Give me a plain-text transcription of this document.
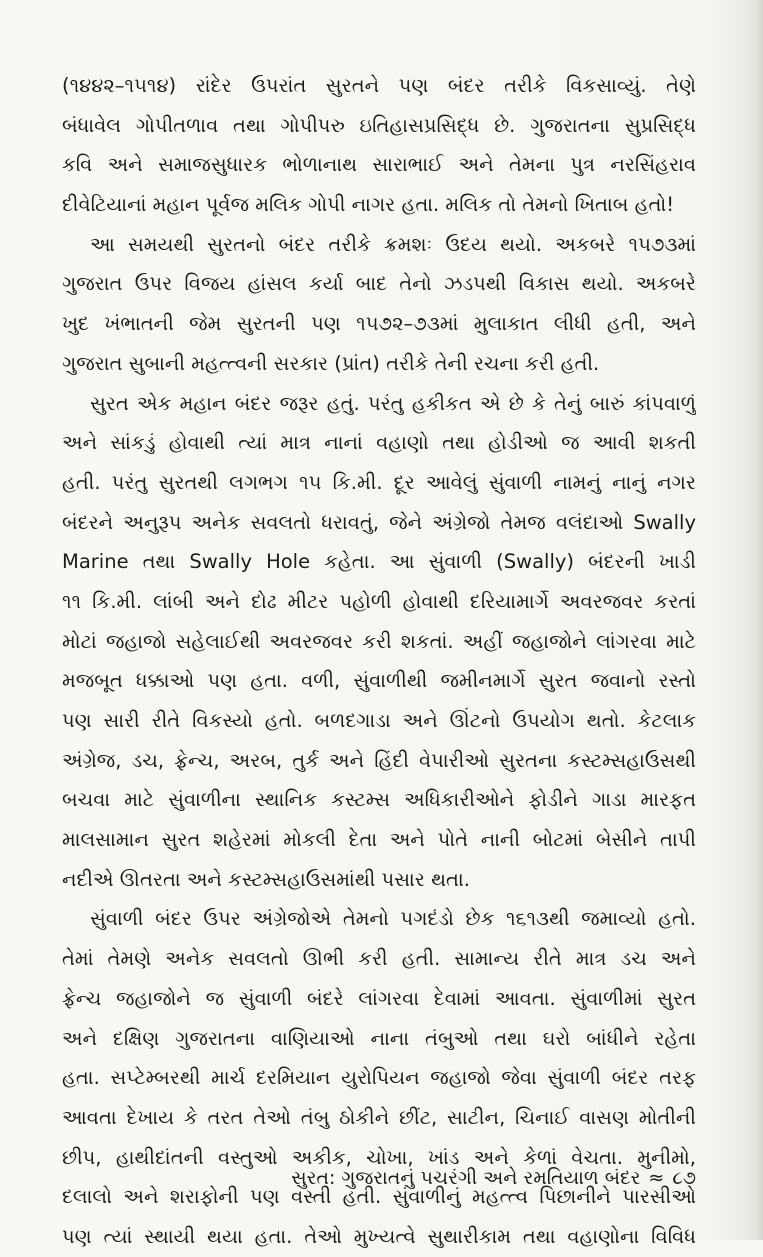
(૧૪૪૨–૧૫૧૪) રાંદેર ઉપરાંત સુરતને પણ બંદર તરીકે વિકસાવ્યું. તેણે
બંધાવેલ ગોપીતળાવ તથા ગોપીપરુ ઇતિહાસપ્રસિદ્ધ છે. ગુજરાતના સુપ્રસિદ્ધ
કવિ અને સમાજસુધારક ભોળાનાથ સારાભાઈ અને તેમના પુત્ર નરસિંહરાવ
દીવેટિયાનાં મહાન પૂર્વજ મલિક ગોપી નાગર હતા. મલિક તો તેમનો ખિતાબ હતો!
આ સમયથી સુરતનો બંદર તરીકે ક્રમશઃ ઉદય થયો. અકબરે ૧૫૭૩માં
ગુજરાત ઉપર વિજય હાંસલ કર્યા બાદ તેનો ઝડપથી વિકાસ થયો. અકબરે
ખુદ ખંભાતની જેમ સુરતની પણ ૧૫૭૨–૭૩માં મુલાકાત લીધી હતી, અને
ગુજરાત સુબાની મહત્ત્વની સરકાર (પ્રાંત) તરીકે તેની રચના કરી હતી.
સુરત એક મહાન બંદર જરૂર હતું. પરંતુ હકીકત એ છે કે તેનું બારું કાંપવાળું
અને સાંકડું હોવાથી ત્યાં માત્ર નાનાં વહાણો તથા હોડીઓ જ આવી શકતી
હતી. પરંતુ સુરતથી લગભગ ૧૫ કિ.મી. દૂર આવેલું સુંવાળી નામનું નાનું નગર
બંદરને અનુરૂપ અનેક સવલતો ધરાવતું, જેને અંગ્રેજો તેમજ વલંદાઓ Swally
Marine તથા Swally Hole કહેતા. આ સુંવાળી (Swally) બંદરની ખાડી
૧૧ કિ.મી. લાંબી અને દોઢ મીટર પહોળી હોવાથી દરિયામાર્ગે અવરજવર કરતાં
મોટાં જહાજો સહેલાઈથી અવરજવર કરી શકતાં. અહીં જહાજોને લાંગરવા માટે
મજબૂત ધક્કાઓ પણ હતા. વળી, સુંવાળીથી જમીનમાર્ગે સુરત જવાનો રસ્તો
પણ સારી રીતે વિકસ્યો હતો. બળદગાડા અને ઊંટનો ઉપયોગ થતો. કેટલાક
અંગ્રેજ, ડચ, ફ્રેન્ચ, અરબ, તુર્ક અને હિંદી વેપારીઓ સુરતના કસ્ટમ્સહાઉસથી
બચવા માટે સુંવાળીના સ્થાનિક કસ્ટમ્સ અધિકારીઓને ફોડીને ગાડા મારફત
માલસામાન સુરત શહેરમાં મોકલી દેતા અને પોતે નાની બોટમાં બેસીને તાપી
નદીએ ઊતરતા અને કસ્ટમ્સહાઉસમાંથી પસાર થતા.
સુંવાળી બંદર ઉપર અંગ્રેજોએ તેમનો પગદંડો છેક ૧૬૧૩થી જમાવ્યો હતો.
તેમાં તેમણે અનેક સવલતો ઊભી કરી હતી. સામાન્ય રીતે માત્ર ડચ અને
ફ્રેન્ચ જહાજોને જ સુંવાળી બંદરે લાંગરવા દેવામાં આવતા. સુંવાળીમાં સુરત
અને દક્ષિણ ગુજરાતના વાણિયાઓ નાના તંબુઓ તથા ઘરો બાંધીને રહેતા
હતા. સપ્ટેમ્બરથી માર્ચ દરમિયાન યુરોપિયન જહાજો જેવા સુંવાળી બંદર તરફ
આવતા દેખાય કે તરત તેઓ તંબુ ઠોકીને છીંટ, સાટીન, ચિનાઈ વાસણ મોતીની
છીપ, હાથીદાંતની વસ્તુઓ અકીક, ચોખા, ખાંડ અને કેળાં વેચતા. મુનીમો,
દલાલો અને શરાફોની પણ વસ્તી હતી. સુંવાળીનું મહત્ત્વ પિછાનીને પારસીઓ
પણ ત્યાં સ્થાયી થયા હતા. તેઓ મુખ્યત્વે સુથારીકામ તથા વહાણોના વિવિધ
સુરત: ગુજરાતનું પચરંગી અને રમતિયાળ બંદર ≈ ૮૭
